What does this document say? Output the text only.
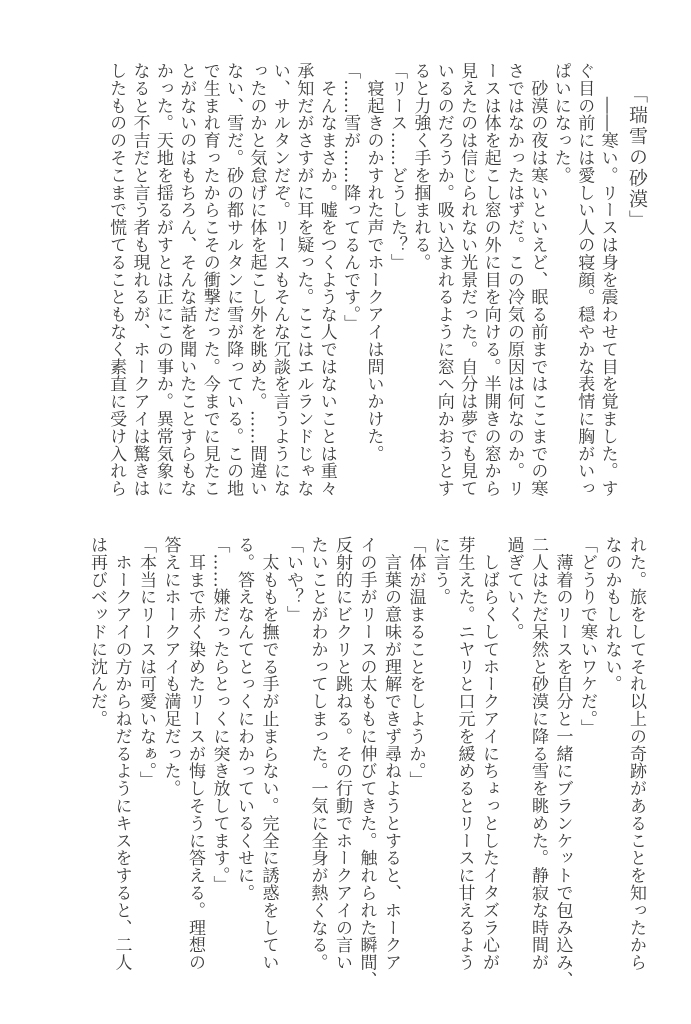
「瑞雪の砂漠」
　　――寒い。リースは身を震わせて目を覚ました。す
ぐ目の前には愛しい人の寝顔。穏やかな表情に胸がいっ
ぱいになった。
　砂漠の夜は寒いといえど、眠る前まではここまでの寒
さではなかったはずだ。この冷気の原因は何なのか。リ
ースは体を起こし窓の外に目を向ける。半開きの窓から
見えたのは信じられない光景だった。自分は夢でも見て
いるのだろうか。吸い込まれるように窓へ向かおうとす
ると力強く手を掴まれる。
「リース……どうした？」
　寝起きのかすれた声でホークアイは問いかけた。
「……雪が……降ってるんです。」
　そんなまさか。嘘をつくような人ではないことは重々
承知だがさすがに耳を疑った。ここはエルランドじゃな
い、サルタンだぞ。リースもそんな冗談を言うようにな
ったのかと気怠げに体を起こし外を眺めた。……間違い
ない、雪だ。砂の都サルタンに雪が降っている。この地
で生まれ育ったからこその衝撃だった。今までに見たこ
とがないのはもちろん、そんな話を聞いたことすらもな
かった。天地を揺るがすとは正にこの事か。異常気象に
なると不吉だと言う者も現れるが、ホークアイは驚きは
したもののそこまで慌てることもなく素直に受け入れら
れた。旅をしてそれ以上の奇跡があることを知ったから
なのかもしれない。
「どうりで寒いワケだ。」
　薄着のリースを自分と一緒にブランケットで包み込み、
二人はただ呆然と砂漠に降る雪を眺めた。静寂な時間が
過ぎていく。
　しばらくしてホークアイにちょっとしたイタズラ心が
芽生えた。ニヤリと口元を緩めるとリースに甘えるよう
に言う。
「体が温まることをしようか。」
　言葉の意味が理解できず尋ねようとすると、ホークア
イの手がリースの太ももに伸びてきた。触れられた瞬間、
反射的にビクリと跳ねる。その行動でホークアイの言い
たいことがわかってしまった。一気に全身が熱くなる。
「いや？」
　太ももを撫でる手が止まらない。完全に誘惑をしてい
る。答えなんてとっくにわかっているくせに。
「……嫌だったらとっくに突き放してます。」
　耳まで赤く染めたリースが悔しそうに答える。理想の
答えにホークアイも満足だった。
「本当にリースは可愛いなぁ。」
　ホークアイの方からねだるようにキスをすると、二人
は再びベッドに沈んだ。
